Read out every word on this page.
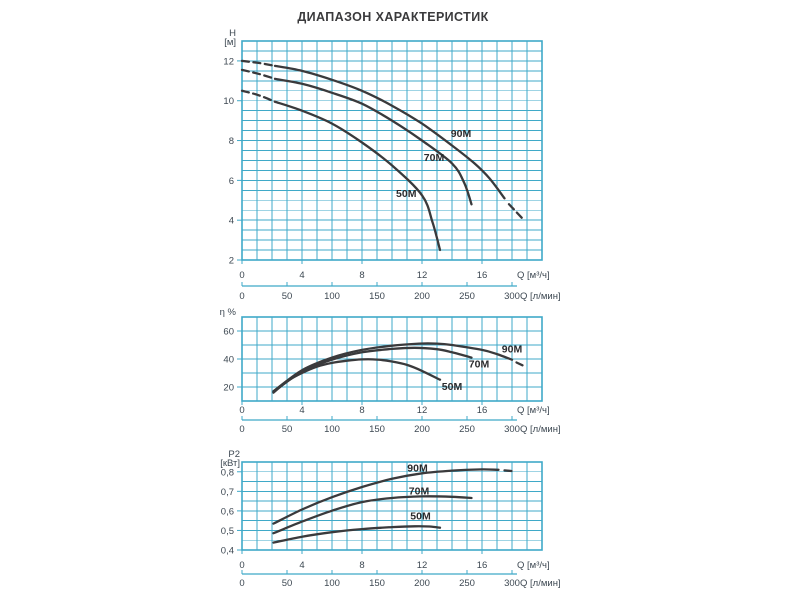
ДИАПАЗОН ХАРАКТЕРИСТИК
H
[м]
2
4
6
8
10
12
0	4	8	12	16	Q [м³/ч]
0	50	100	150	200	250	300 Q [л/мин]
90M
70M
50M
η %
20
40
60
0	4	8	12	16	Q [м³/ч]
0	50	100	150	200	250	300 Q [л/мин]
90M
70M
50M
P2
[кВт]
0,4
0,5
0,6
0,7
0,8
0	4	8	12	16	Q [м³/ч]
0	50	100	150	200	250	300 Q [л/мин]
90M
70M
50M
